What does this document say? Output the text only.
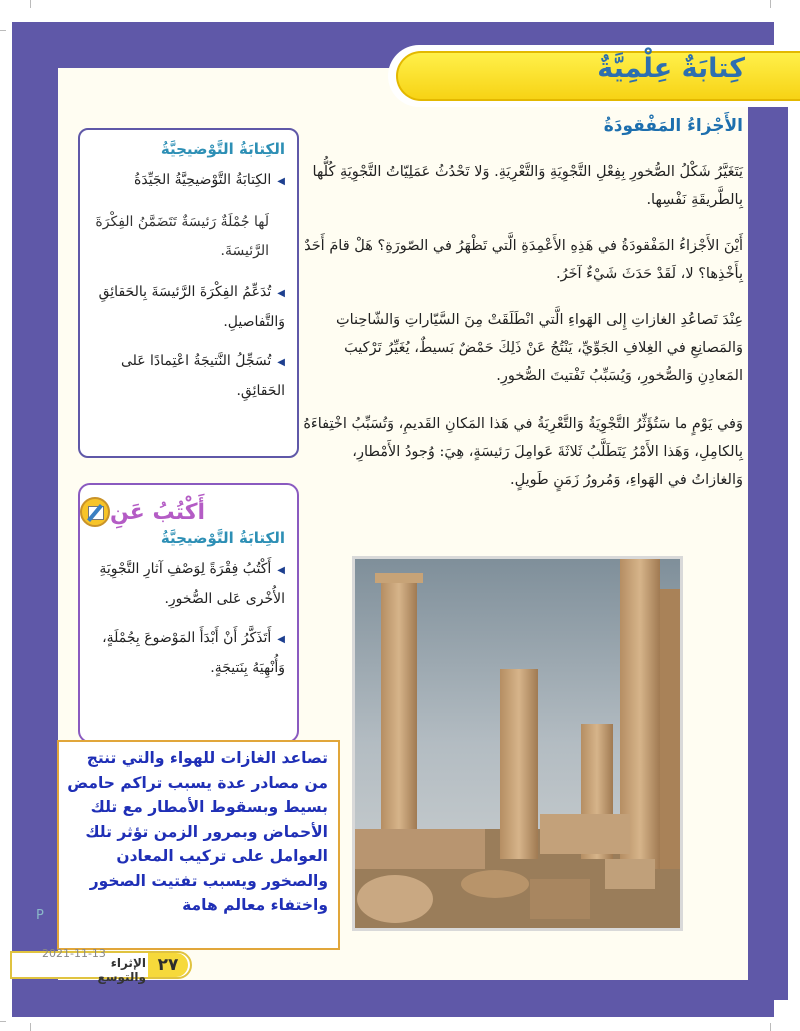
كِتابَةٌ عِلْمِيَّةٌ
الأَجْزاءُ المَفْقودَةُ
يَتَغَيَّرُ شَكْلُ الصُّخورِ بِفِعْلِ التَّجْوِيَةِ وَالتَّعْرِيَةِ. وَلا تَحْدُثُ عَمَلِيّاتُ التَّجْوِيَةِ كُلُّها بِالطَّريقَةِ نَفْسِها.
أَيْنَ الأَجْزاءُ المَفْقودَةُ في هَذِهِ الأَعْمِدَةِ الَّتي تَظْهَرُ في الصّورَةِ؟ هَلْ قامَ أَحَدٌ بِأَخْذِها؟ لا، لَقَدْ حَدَثَ شَيْءٌ آخَرُ.
عِنْدَ تَصاعُدِ الغازاتِ إِلى الهَواءِ الَّتي انْطَلَقَتْ مِنَ السَّيّاراتِ وَالشّاحِناتِ وَالمَصانِعِ في الغِلافِ الجَوِّيِّ، يَنْتُجُ عَنْ ذَلِكَ حَمْضٌ بَسيطٌ، يُغَيِّرُ تَرْكيبَ المَعادِنِ وَالصُّخورِ، وَيُسَبِّبُ تَفْتيتَ الصُّخورِ.
وَفي يَوْمٍ ما سَتُؤَثِّرُ التَّجْوِيَةُ وَالتَّعْرِيَةُ في هَذا المَكانِ القَديمِ، وَتُسَبِّبُ اخْتِفاءَهُ بِالكامِلِ، وَهَذا الأَمْرُ يَتَطَلَّبُ ثَلاثَةَ عَوامِلَ رَئيسَةٍ، هِيَ: وُجودُ الأَمْطارِ، وَالغازاتُ في الهَواءِ، وَمُرورُ زَمَنٍ طَويلٍ.
الكِتابَةُ التَّوْضيحِيَّةُ
◀الكِتابَةُ التَّوْضيحِيَّةُ الجَيِّدَةُ
لَها جُمْلَةٌ رَئيسَةٌ تَتَضَمَّنُ الفِكْرَةَ الرَّئيسَةَ.
◀تُدَعِّمُ الفِكْرَةَ الرَّئيسَةَ بِالحَقائِقِ وَالتَّفاصيلِ.
◀تُسَجِّلُ النَّتيجَةُ اعْتِمادًا عَلى الحَقائِقِ.
أَكْتُبُ عَنِ
الكِتابَةُ التَّوْضيحِيَّةُ
◀أَكْتُبُ فِقْرَةً لِوَصْفِ آثارِ التَّجْوِيَةِ الأُخْرى عَلى الصُّخورِ.
◀أَتَذَكَّرُ أَنْ أَبْدَأَ المَوْضوعَ بِجُمْلَةٍ، وَأُنْهِيَهُ بِنَتيجَةٍ.
تصاعد الغازات للهواء والتي تنتج من مصادر عدة يسبب تراكم حامض بسيط وبسقوط الأمطار مع تلك الأحماض وبمرور الزمن تؤثر تلك العوامل على تركيب المعادن والصخور ويسبب تفتيت الصخور واختفاء معالم هامة
P
2021-11-13
الإثراء والتوسع
٢٧
